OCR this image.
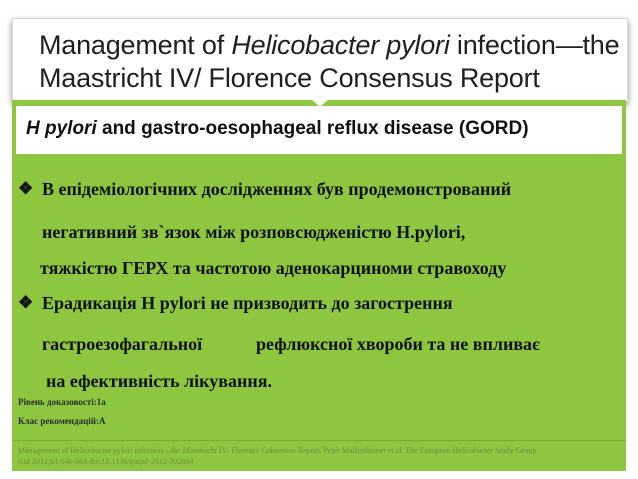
Management of Helicobacter pylori infection—the
Maastricht IV/ Florence Consensus Report
H pylori and gastro-oesophageal reflux disease (GORD)
❖ В епідеміологічних дослідженнях був продемонстрований
негативний зв`язок між розповсюдженістю H.pylori,
тяжкістю ГЕРХ та частотою аденокарциноми стравоходу
❖ Ерадикація H pylori не призводить до загострення
гастроезофагальної	рефлюксної хвороби та не впливає
на ефективність лікування.
Рівень доказовості:1a
Клас рекомендацій:A
Management of Helicobacter pylori infection—the Maastricht IV/ Florence Consensus Report. Peter Malfertheiner et al. The European Helicobacter Study Group
Gut 2012;61:646-664 doi:10.1136/gutjnl-2012-302084
